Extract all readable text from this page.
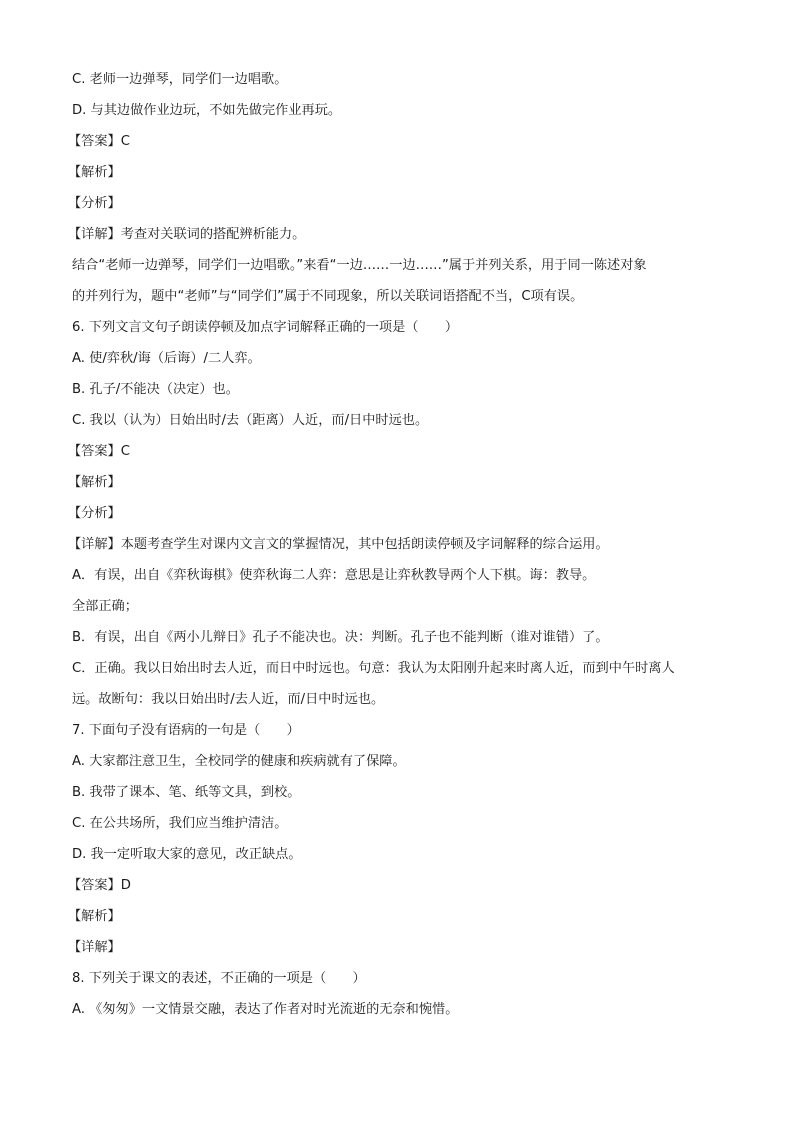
C. 老师一边弹琴，同学们一边唱歌。
D. 与其边做作业边玩，不如先做完作业再玩。
【答案】C
【解析】
【分析】
【详解】考查对关联词的搭配辨析能力。
结合“老师一边弹琴，同学们一边唱歌。”来看“一边……一边……”属于并列关系，用于同一陈述对象
的并列行为，题中“老师”与“同学们”属于不同现象，所以关联词语搭配不当，C项有误。
6. 下列文言文句子朗读停顿及加点字词解释正确的一项是（　　）
A. 使/弈秋/诲（后诲）/二人弈。
B. 孔子/不能决（决定）也。
C. 我以（认为）日始出时/去（距离）人近，而/日中时远也。
【答案】C
【解析】
【分析】
【详解】本题考查学生对课内文言文的掌握情况，其中包括朗读停顿及字词解释的综合运用。
A．有误，出自《弈秋诲棋》使弈秋诲二人弈：意思是让弈秋教导两个人下棋。诲：教导。
全部正确；
B．有误，出自《两小儿辩日》孔子不能决也。决：判断。孔子也不能判断（谁对谁错）了。
C．正确。我以日始出时去人近，而日中时远也。句意：我认为太阳刚升起来时离人近，而到中午时离人
远。故断句：我以日始出时/去人近，而/日中时远也。
7. 下面句子没有语病的一句是（　　）
A. 大家都注意卫生，全校同学的健康和疾病就有了保障。
B. 我带了课本、笔、纸等文具，到校。
C. 在公共场所，我们应当维护清洁。
D. 我一定听取大家的意见，改正缺点。
【答案】D
【解析】
【详解】
8. 下列关于课文的表述，不正确的一项是（　　）
A. 《匆匆》一文情景交融，表达了作者对时光流逝的无奈和惋惜。
